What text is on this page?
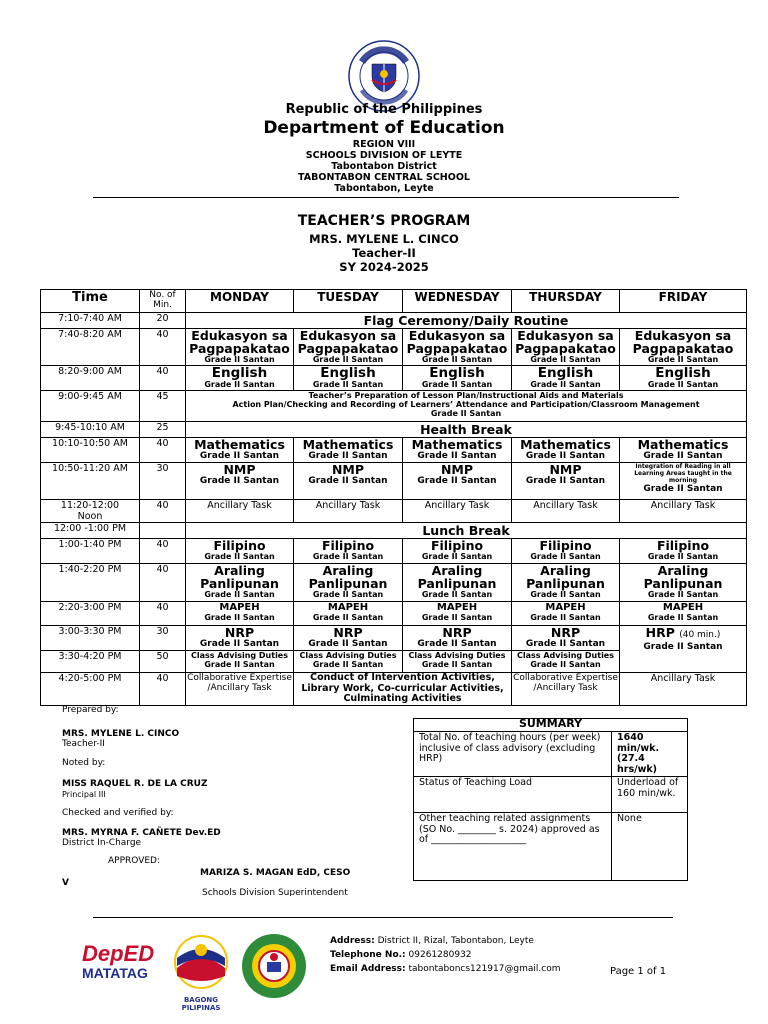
Republic of the Philippines
Department of Education
REGION VIII
SCHOOLS DIVISION OF LEYTE
Tabontabon District
TABONTABON CENTRAL SCHOOL
Tabontabon, Leyte
TEACHER’S PROGRAM
MRS. MYLENE L. CINCO
Teacher-II
SY 2024-2025
Time	No. of Min.	MONDAY	TUESDAY	WEDNESDAY	THURSDAY	FRIDAY
7:10-7:40 AM	20	Flag Ceremony/Daily Routine				
7:40-8:20 AM	40	Edukasyon sa
Pagpapakatao
Grade II Santan	Edukasyon sa
Pagpapakatao
Grade II Santan	Edukasyon sa
Pagpapakatao
Grade II Santan	Edukasyon sa
Pagpapakatao
Grade II Santan	Edukasyon sa
Pagpapakatao
Grade II Santan

8:20-9:00 AM	40	English
Grade II Santan	English
Grade II Santan	English
Grade II Santan	English
Grade II Santan	English
Grade II Santan

9:00-9:45 AM	45	Teacher’s Preparation of Lesson Plan/Instructional Aids and Materials
Action Plan/Checking and Recording of Learners’ Attendance and Participation/Classroom Management
Grade II Santan				

9:45-10:10 AM	25	Health Break				
10:10-10:50 AM	40	Mathematics
Grade II Santan	Mathematics
Grade II Santan	Mathematics
Grade II Santan	Mathematics
Grade II Santan	Mathematics
Grade II Santan

10:50-11:20 AM	30	NMP
Grade II Santan	NMP
Grade II Santan	NMP
Grade II Santan	NMP
Grade II Santan	Integration of Reading in all Learning Areas taught in the morning
Grade II Santan

11:20-12:00
Noon	40	Ancillary Task	Ancillary Task	Ancillary Task	Ancillary Task	Ancillary Task

12:00 -1:00 PM		Lunch Break				
1:00-1:40 PM	40	Filipino
Grade II Santan	Filipino
Grade II Santan	Filipino
Grade II Santan	Filipino
Grade II Santan	Filipino
Grade II Santan

1:40-2:20 PM	40	Araling
Panlipunan
Grade II Santan	Araling
Panlipunan
Grade II Santan	Araling
Panlipunan
Grade II Santan	Araling
Panlipunan
Grade II Santan	Araling
Panlipunan
Grade II Santan

2:20-3:00 PM	40	MAPEH
Grade II Santan	MAPEH
Grade II Santan	MAPEH
Grade II Santan	MAPEH
Grade II Santan	MAPEH
Grade II Santan

3:00-3:30 PM	30	NRP
Grade II Santan	NRP
Grade II Santan	NRP
Grade II Santan	NRP
Grade II Santan	HRP (40 min.)
Grade II Santan

3:30-4:20 PM	50	Class Advising Duties
Grade II Santan	Class Advising Duties
Grade II Santan	Class Advising Duties
Grade II Santan	Class Advising Duties
Grade II Santan	

4:20-5:00 PM	40	Collaborative Expertise /Ancillary Task	Conduct of Intervention Activities, Library Work, Co-curricular Activities, Culminating Activities		Collaborative Expertise /Ancillary Task	Ancillary Task
Prepared by:
MRS. MYLENE L. CINCO
Teacher-II
Noted by:
MISS RAQUEL R. DE LA CRUZ
Principal III
Checked and verified by:
MRS. MYRNA F. CAÑETE Dev.ED
District In-Charge
APPROVED:
MARIZA S. MAGAN EdD, CESO
V
Schools Division Superintendent
SUMMARY	
Total No. of teaching hours (per week) inclusive of class advisory (excluding HRP)	1640 min/wk. (27.4 hrs/wk)
Status of Teaching Load	Underload of 160 min/wk.
Other teaching related assignments (SO No. ________ s. 2024) approved as of ____________________	None
DepED
MATATAG
BAGONG PILIPINAS
Address: District II, Rizal, Tabontabon, Leyte
Telephone No.: 09261280932
Email Address: tabontaboncs121917@gmail.com	Page 1 of 1
